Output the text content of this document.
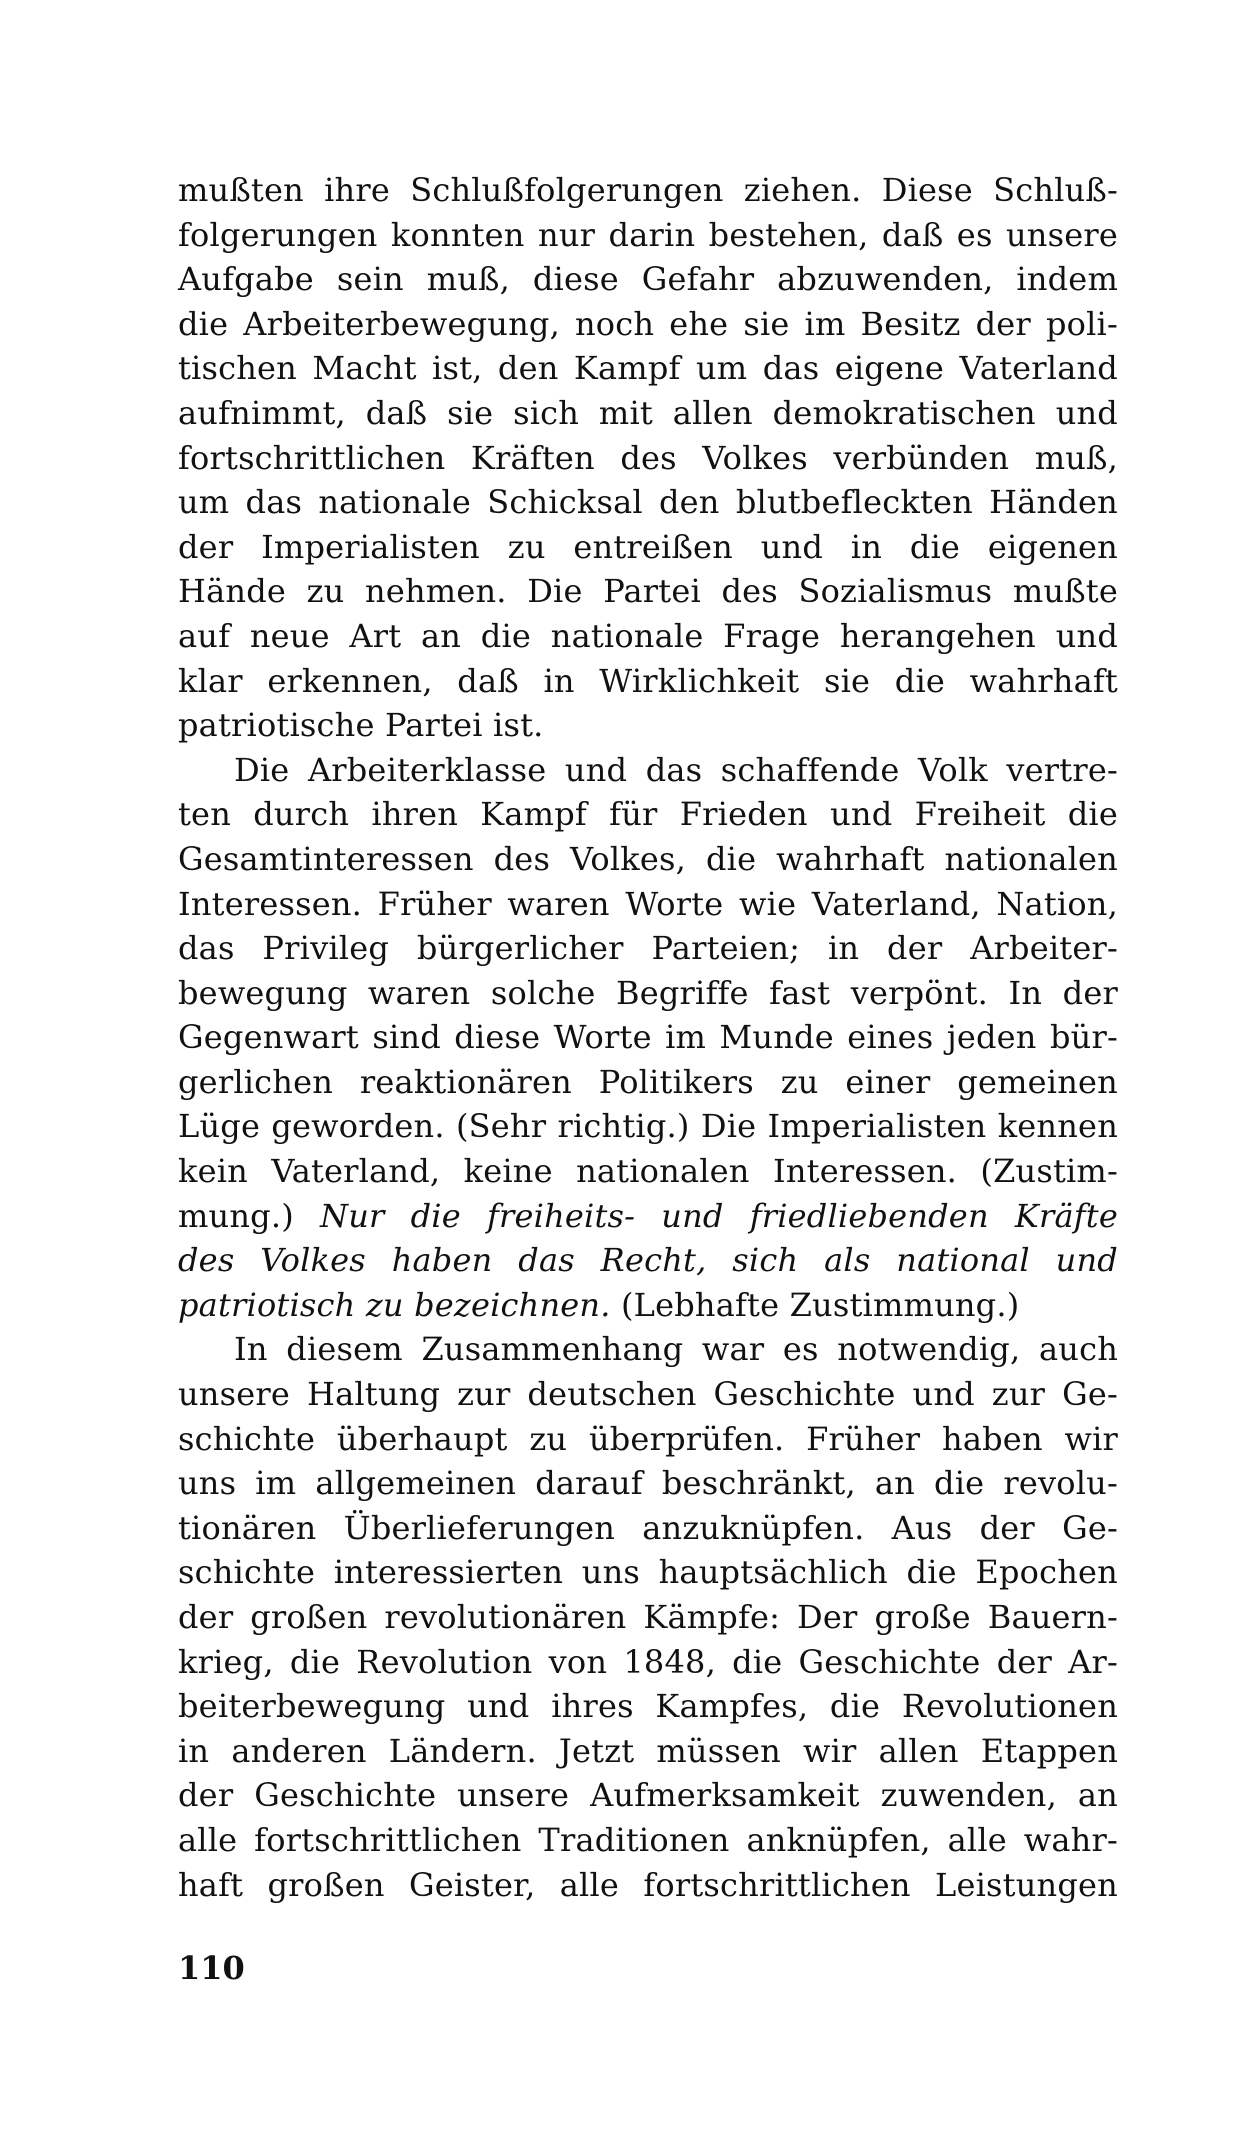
mußten ihre Schlußfolgerungen ziehen. Diese Schluß-
folgerungen konnten nur darin bestehen, daß es unsere
Aufgabe sein muß, diese Gefahr abzuwenden, indem
die Arbeiterbewegung, noch ehe sie im Besitz der poli-
tischen Macht ist, den Kampf um das eigene Vaterland
aufnimmt, daß sie sich mit allen demokratischen und
fortschrittlichen Kräften des Volkes verbünden muß,
um das nationale Schicksal den blutbefleckten Händen
der Imperialisten zu entreißen und in die eigenen
Hände zu nehmen. Die Partei des Sozialismus mußte
auf neue Art an die nationale Frage herangehen und
klar erkennen, daß in Wirklichkeit sie die wahrhaft
patriotische Partei ist.
Die Arbeiterklasse und das schaffende Volk vertre-
ten durch ihren Kampf für Frieden und Freiheit die
Gesamtinteressen des Volkes, die wahrhaft nationalen
Interessen. Früher waren Worte wie Vaterland, Nation,
das Privileg bürgerlicher Parteien; in der Arbeiter-
bewegung waren solche Begriffe fast verpönt. In der
Gegenwart sind diese Worte im Munde eines jeden bür-
gerlichen reaktionären Politikers zu einer gemeinen
Lüge geworden. (Sehr richtig.) Die Imperialisten kennen
kein Vaterland, keine nationalen Interessen. (Zustim-
mung.) Nur die freiheits- und friedliebenden Kräfte
des Volkes haben das Recht, sich als national und
patriotisch zu bezeichnen. (Lebhafte Zustimmung.)
In diesem Zusammenhang war es notwendig, auch
unsere Haltung zur deutschen Geschichte und zur Ge-
schichte überhaupt zu überprüfen. Früher haben wir
uns im allgemeinen darauf beschränkt, an die revolu-
tionären Überlieferungen anzuknüpfen. Aus der Ge-
schichte interessierten uns hauptsächlich die Epochen
der großen revolutionären Kämpfe: Der große Bauern-
krieg, die Revolution von 1848, die Geschichte der Ar-
beiterbewegung und ihres Kampfes, die Revolutionen
in anderen Ländern. Jetzt müssen wir allen Etappen
der Geschichte unsere Aufmerksamkeit zuwenden, an
alle fortschrittlichen Traditionen anknüpfen, alle wahr-
haft großen Geister, alle fortschrittlichen Leistungen
110
